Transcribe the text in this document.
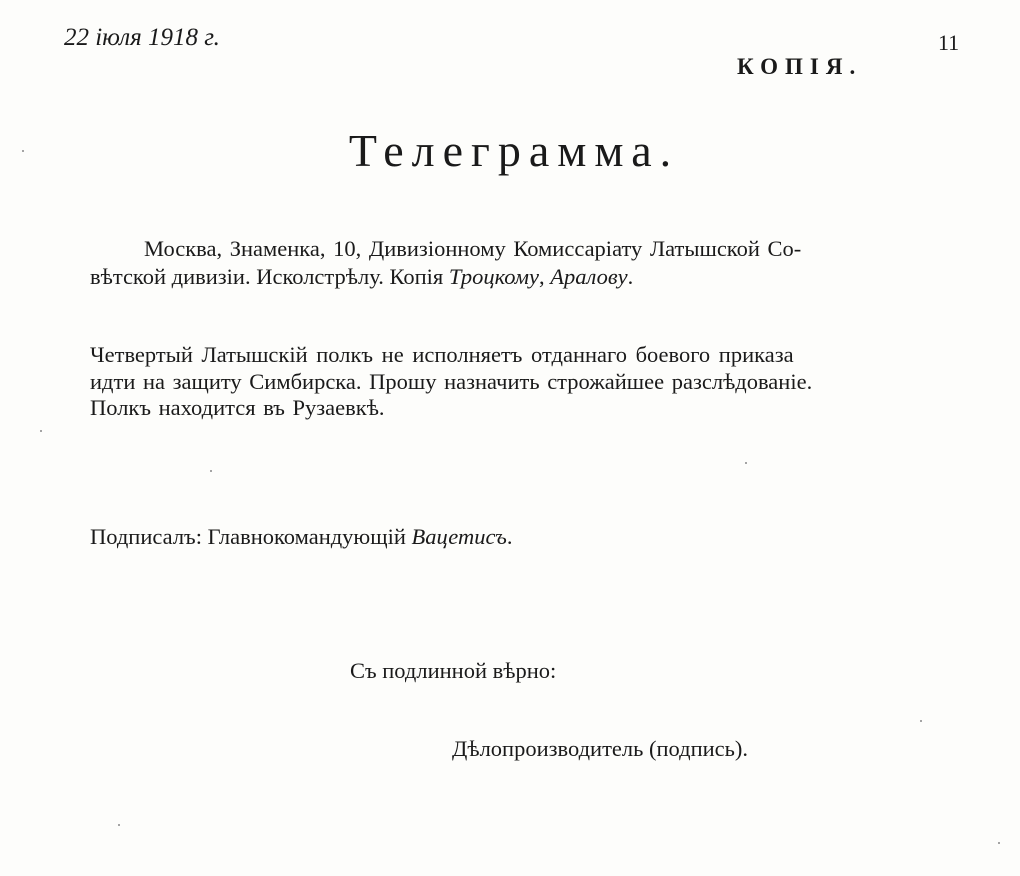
22 іюля 1918 г.	11
КОПІЯ.
Телеграмма.
Москва, Знаменка, 10, Дивизіонному Комиссаріату Латышской Со-
вѣтской дивизіи. Исколстрѣлу. Копія Троцкому, Аралову.
Четвертый Латышскій полкъ не исполняетъ отданнаго боевого приказа
идти на защиту Симбирска. Прошу назначить строжайшее разслѣдованіе.
Полкъ находится въ Рузаевкѣ.
Подписалъ: Главнокомандующій Вацетисъ.
Съ подлинной вѣрно:
Дѣлопроизводитель (подпись).
